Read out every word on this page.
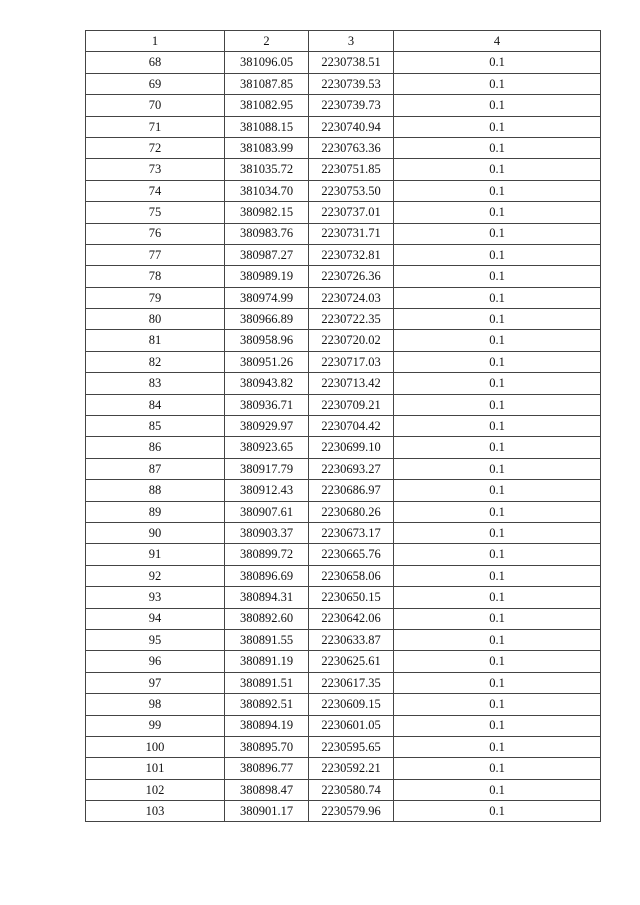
1	2	3	4
68	381096.05	2230738.51	0.1
69	381087.85	2230739.53	0.1
70	381082.95	2230739.73	0.1
71	381088.15	2230740.94	0.1
72	381083.99	2230763.36	0.1
73	381035.72	2230751.85	0.1
74	381034.70	2230753.50	0.1
75	380982.15	2230737.01	0.1
76	380983.76	2230731.71	0.1
77	380987.27	2230732.81	0.1
78	380989.19	2230726.36	0.1
79	380974.99	2230724.03	0.1
80	380966.89	2230722.35	0.1
81	380958.96	2230720.02	0.1
82	380951.26	2230717.03	0.1
83	380943.82	2230713.42	0.1
84	380936.71	2230709.21	0.1
85	380929.97	2230704.42	0.1
86	380923.65	2230699.10	0.1
87	380917.79	2230693.27	0.1
88	380912.43	2230686.97	0.1
89	380907.61	2230680.26	0.1
90	380903.37	2230673.17	0.1
91	380899.72	2230665.76	0.1
92	380896.69	2230658.06	0.1
93	380894.31	2230650.15	0.1
94	380892.60	2230642.06	0.1
95	380891.55	2230633.87	0.1
96	380891.19	2230625.61	0.1
97	380891.51	2230617.35	0.1
98	380892.51	2230609.15	0.1
99	380894.19	2230601.05	0.1
100	380895.70	2230595.65	0.1
101	380896.77	2230592.21	0.1
102	380898.47	2230580.74	0.1
103	380901.17	2230579.96	0.1
